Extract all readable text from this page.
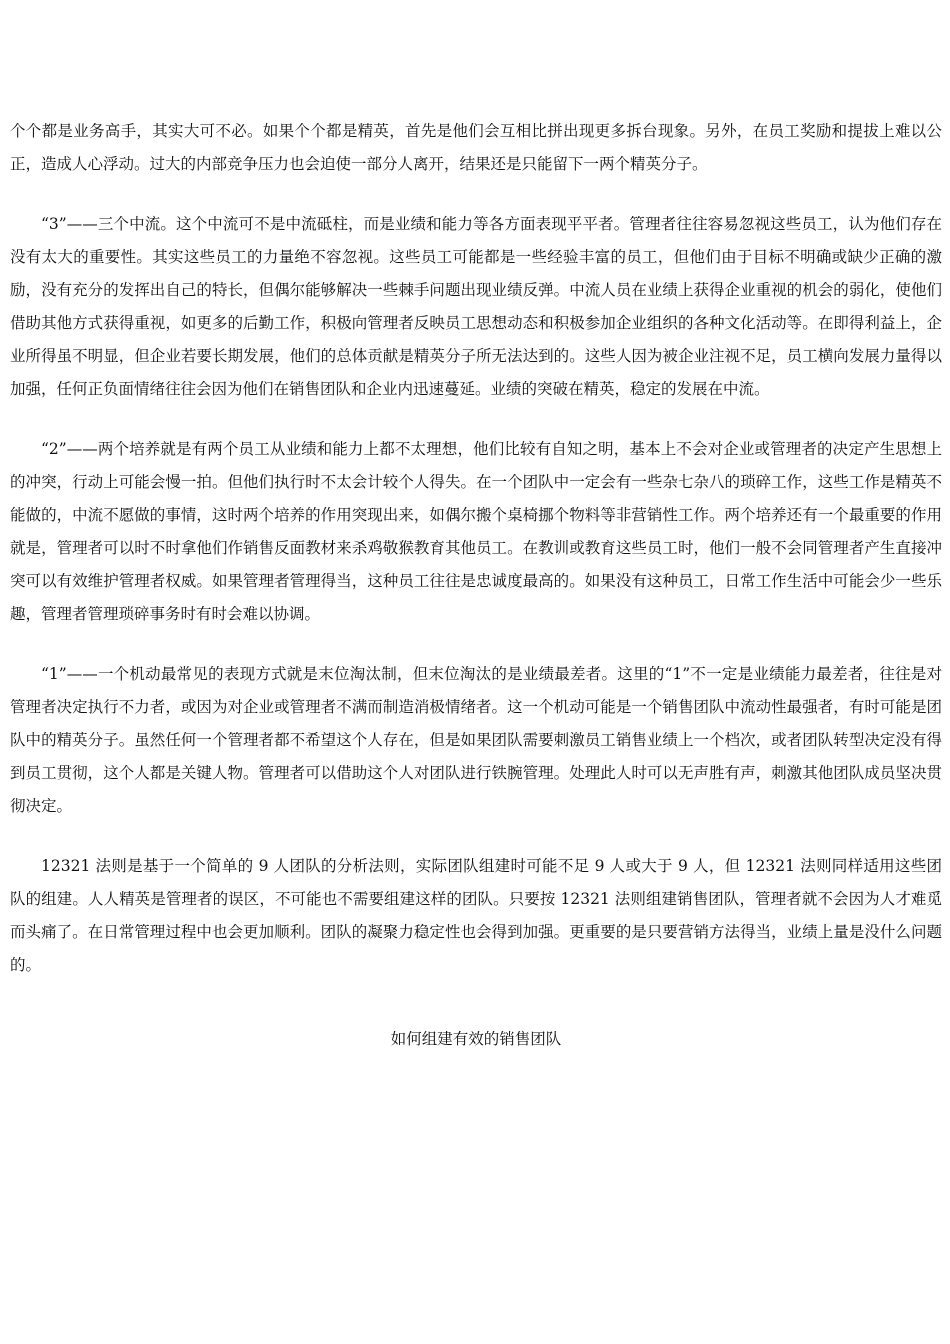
个个都是业务高手，其实大可不必。如果个个都是精英，首先是他们会互相比拼出现更多拆台现象。另外，在员工奖励和提拔上难以公正，造成人心浮动。过大的内部竞争压力也会迫使一部分人离开，结果还是只能留下一两个精英分子。

“3”——三个中流。这个中流可不是中流砥柱，而是业绩和能力等各方面表现平平者。管理者往往容易忽视这些员工，认为他们存在没有太大的重要性。其实这些员工的力量绝不容忽视。这些员工可能都是一些经验丰富的员工，但他们由于目标不明确或缺少正确的激励，没有充分的发挥出自己的特长，但偶尔能够解决一些棘手问题出现业绩反弹。中流人员在业绩上获得企业重视的机会的弱化，使他们借助其他方式获得重视，如更多的后勤工作，积极向管理者反映员工思想动态和积极参加企业组织的各种文化活动等。在即得利益上，企业所得虽不明显，但企业若要长期发展，他们的总体贡献是精英分子所无法达到的。这些人因为被企业注视不足，员工横向发展力量得以加强，任何正负面情绪往往会因为他们在销售团队和企业内迅速蔓延。业绩的突破在精英，稳定的发展在中流。

“2”——两个培养就是有两个员工从业绩和能力上都不太理想，他们比较有自知之明，基本上不会对企业或管理者的决定产生思想上的冲突，行动上可能会慢一拍。但他们执行时不太会计较个人得失。在一个团队中一定会有一些杂七杂八的琐碎工作，这些工作是精英不能做的，中流不愿做的事情，这时两个培养的作用突现出来，如偶尔搬个桌椅挪个物料等非营销性工作。两个培养还有一个最重要的作用就是，管理者可以时不时拿他们作销售反面教材来杀鸡敬猴教育其他员工。在教训或教育这些员工时，他们一般不会同管理者产生直接冲突可以有效维护管理者权威。如果管理者管理得当，这种员工往往是忠诚度最高的。如果没有这种员工，日常工作生活中可能会少一些乐趣，管理者管理琐碎事务时有时会难以协调。

“1”——一个机动最常见的表现方式就是末位淘汰制，但末位淘汰的是业绩最差者。这里的“1”不一定是业绩能力最差者，往往是对管理者决定执行不力者，或因为对企业或管理者不满而制造消极情绪者。这一个机动可能是一个销售团队中流动性最强者，有时可能是团队中的精英分子。虽然任何一个管理者都不希望这个人存在，但是如果团队需要刺激员工销售业绩上一个档次，或者团队转型决定没有得到员工贯彻，这个人都是关键人物。管理者可以借助这个人对团队进行铁腕管理。处理此人时可以无声胜有声，刺激其他团队成员坚决贯彻决定。

12321 法则是基于一个简单的 9 人团队的分析法则，实际团队组建时可能不足 9 人或大于 9 人，但 12321 法则同样适用这些团队的组建。人人精英是管理者的误区，不可能也不需要组建这样的团队。只要按 12321 法则组建销售团队，管理者就不会因为人才难觅而头痛了。在日常管理过程中也会更加顺利。团队的凝聚力稳定性也会得到加强。更重要的是只要营销方法得当，业绩上量是没什么问题的。

如何组建有效的销售团队
